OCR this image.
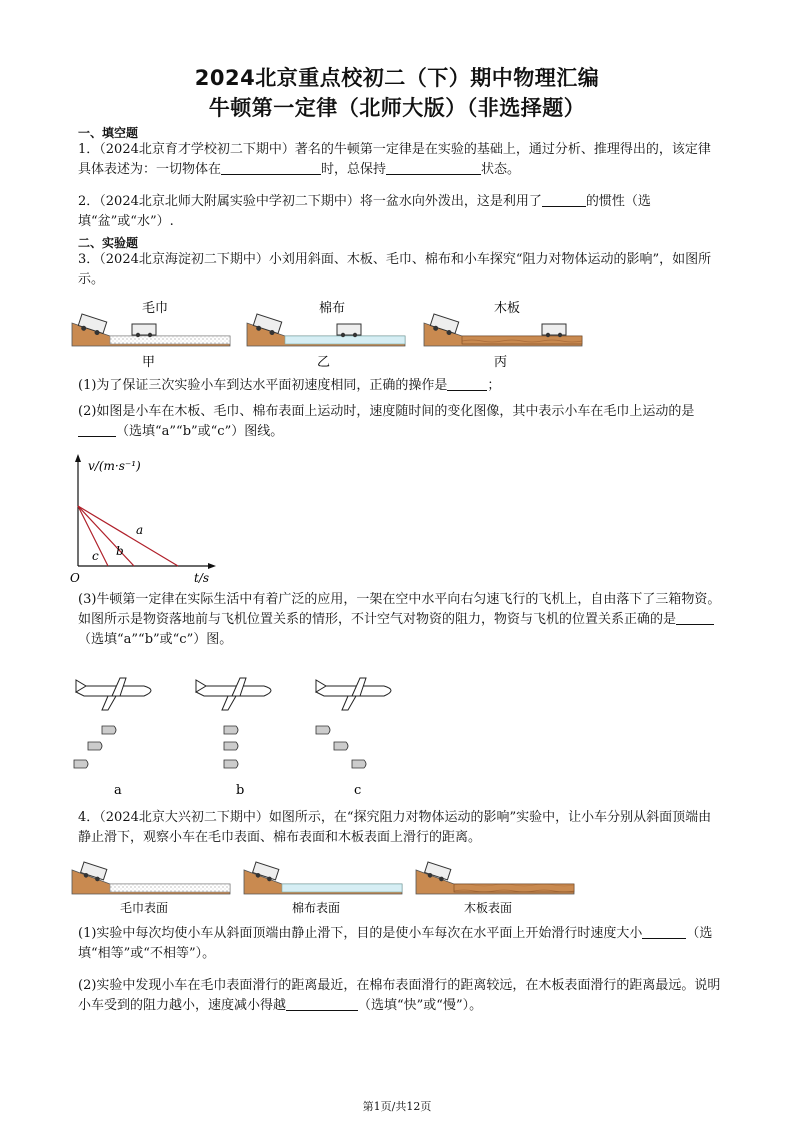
2024北京重点校初二（下）期中物理汇编
牛顿第一定律（北师大版）（非选择题）
一、填空题
1．（2024北京育才学校初二下期中）著名的牛顿第一定律是在实验的基础上，通过分析、推理得出的，该定律具体表述为：一切物体在	时，总保持	状态。
2．（2024北京北师大附属实验中学初二下期中）将一盆水向外泼出，这是利用了	的惯性（选填“盆”或“水”）.
二、实验题
3．（2024北京海淀初二下期中）小刘用斜面、木板、毛巾、棉布和小车探究“阻力对物体运动的影响”，如图所示。
毛巾	棉布	木板
甲	乙	丙
(1)为了保证三次实验小车到达水平面初速度相同，正确的操作是	；
(2)如图是小车在木板、毛巾、棉布表面上运动时，速度随时间的变化图像，其中表示小车在毛巾上运动的是（选填“a”“b”或“c”）图线。
v/(m·s⁻¹)
t/s
O
a
b
c
(3)牛顿第一定律在实际生活中有着广泛的应用，一架在空中水平向右匀速飞行的飞机上，自由落下了三箱物资。如图所示是物资落地前与飞机位置关系的情形，不计空气对物资的阻力，物资与飞机的位置关系正确的是（选填“a”“b”或“c”）图。
a	b	c
4．（2024北京大兴初二下期中）如图所示，在“探究阻力对物体运动的影响”实验中，让小车分别从斜面顶端由静止滑下，观察小车在毛巾表面、棉布表面和木板表面上滑行的距离。
毛巾表面	棉布表面	木板表面
(1)实验中每次均使小车从斜面顶端由静止滑下，目的是使小车每次在水平面上开始滑行时速度大小	（选填“相等”或“不相等”）。
(2)实验中发现小车在毛巾表面滑行的距离最近，在棉布表面滑行的距离较远，在木板表面滑行的距离最远。说明小车受到的阻力越小，速度减小得越	（选填“快”或“慢”）。
第1页/共12页
